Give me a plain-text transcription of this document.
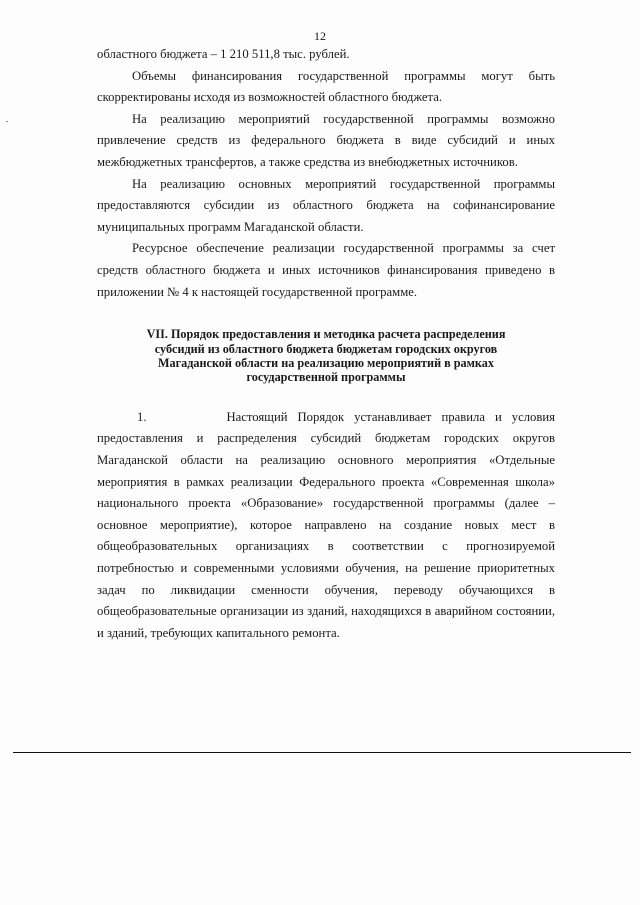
12

областного бюджета – 1 210 511,8 тыс. рублей.

Объемы финансирования государственной программы могут быть скорректированы исходя из возможностей областного бюджета.

На реализацию мероприятий государственной программы возможно привлечение средств из федерального бюджета в виде субсидий и иных межбюджетных трансфертов, а также средства из внебюджетных источников.

На реализацию основных мероприятий государственной программы предоставляются субсидии из областного бюджета на софинансирование муниципальных программ Магаданской области.

Ресурсное обеспечение реализации государственной программы за счет средств областного бюджета и иных источников финансирования приведено в приложении № 4 к настоящей государственной программе.

VII. Порядок предоставления и методика расчета распределения
субсидий из областного бюджета бюджетам городских округов
Магаданской области на реализацию мероприятий в рамках
государственной программы

1.        Настоящий Порядок устанавливает правила и условия предоставления и распределения субсидий бюджетам городских округов Магаданской области на реализацию основного мероприятия «Отдельные мероприятия в рамках реализации Федерального проекта «Современная школа» национального проекта «Образование» государственной программы (далее –основное мероприятие), которое направлено на создание новых мест в общеобразовательных организациях в соответствии с прогнозируемой потребностью и современными условиями обучения, на решение приоритетных задач по ликвидации сменности обучения, переводу обучающихся в общеобразовательные организации из зданий, находящихся в аварийном состоянии, и зданий, требующих капитального ремонта.
